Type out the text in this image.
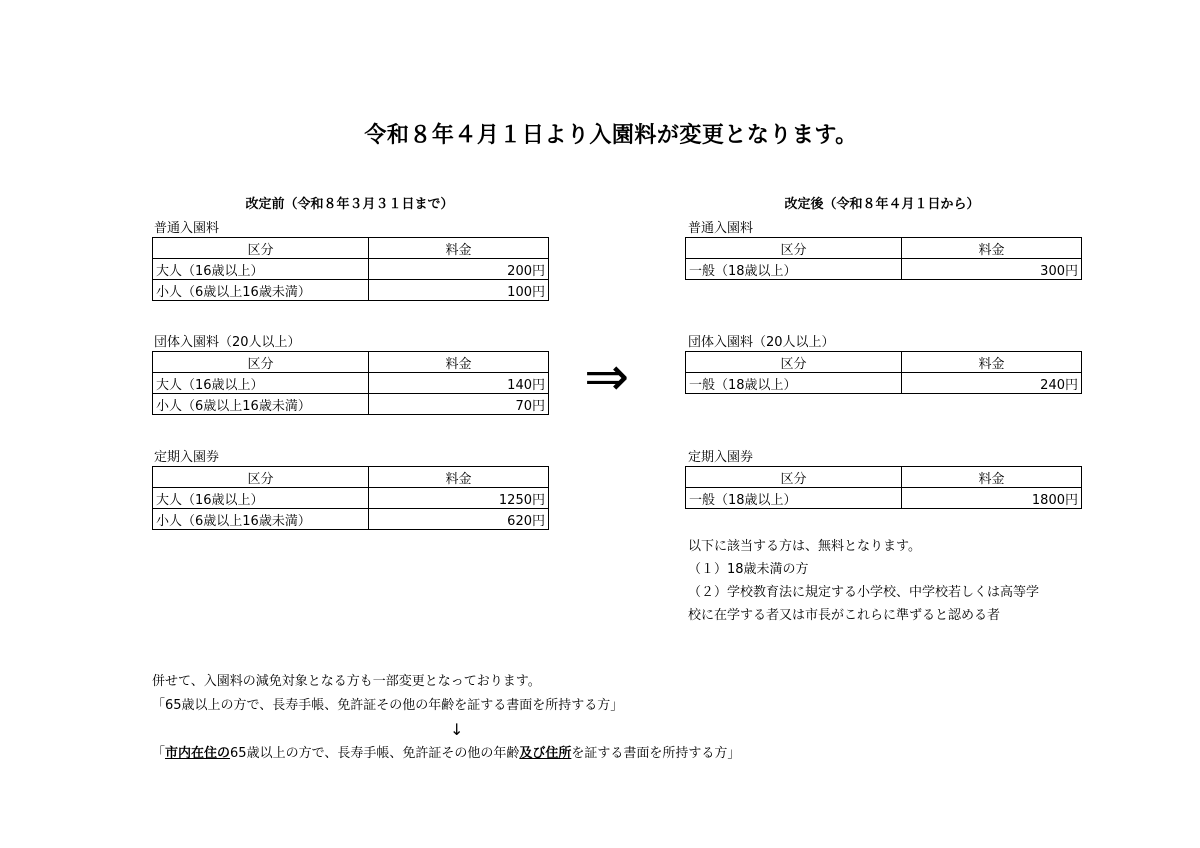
令和８年４月１日より入園料が変更となります。
改定前（令和８年３月３１日まで）
普通入園料
区分	料金
大人（16歳以上）	200円
小人（6歳以上16歳未満）	100円
団体入園料（20人以上）
区分	料金
大人（16歳以上）	140円
小人（6歳以上16歳未満）	70円
定期入園券
区分	料金
大人（16歳以上）	1250円
小人（6歳以上16歳未満）	620円
⇒
改定後（令和８年４月１日から）
普通入園料
区分	料金
一般（18歳以上）	300円
団体入園料（20人以上）
区分	料金
一般（18歳以上）	240円
定期入園券
区分	料金
一般（18歳以上）	1800円
以下に該当する方は、無料となります。
（１）18歳未満の方
（２）学校教育法に規定する小学校、中学校若しくは高等学
校に在学する者又は市長がこれらに準ずると認める者
併せて、入園料の減免対象となる方も一部変更となっております。
「65歳以上の方で、長寿手帳、免許証その他の年齢を証する書面を所持する方」
↓
「市内在住の65歳以上の方で、長寿手帳、免許証その他の年齢及び住所を証する書面を所持する方」
